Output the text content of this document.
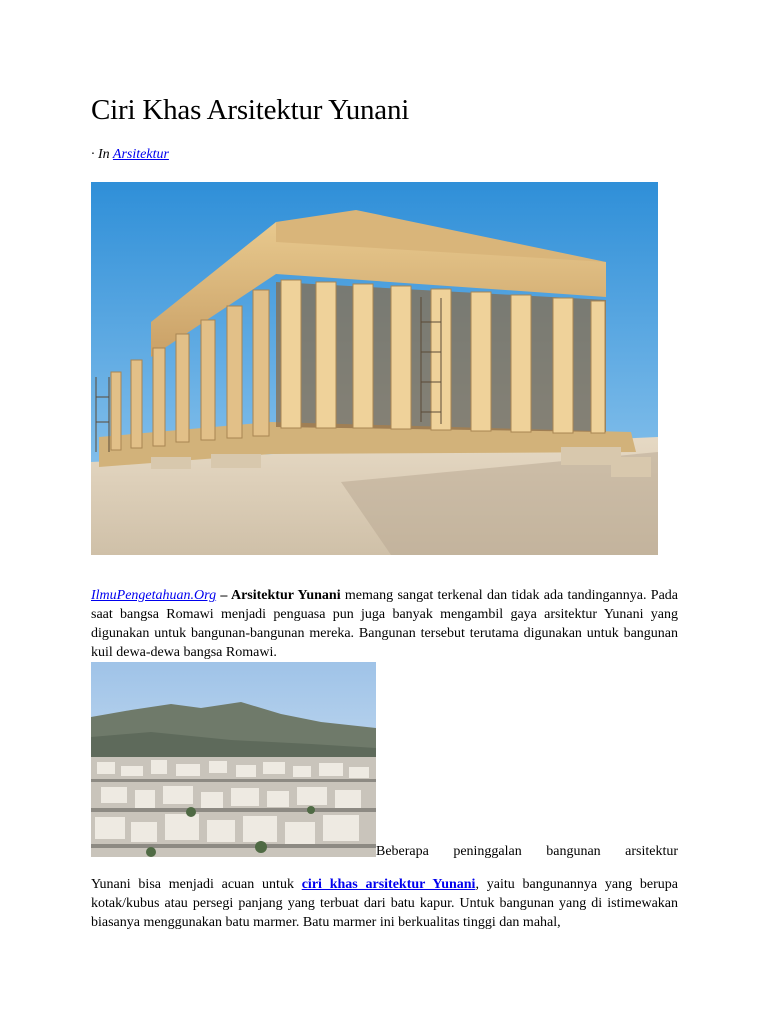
Ciri Khas Arsitektur Yunani
· In Arsitektur

IlmuPengetahuan.Org – Arsitektur Yunani memang sangat terkenal dan tidak ada tandingannya. Pada saat bangsa Romawi menjadi penguasa pun juga banyak mengambil gaya arsitektur Yunani yang digunakan untuk bangunan-bangunan mereka. Bangunan tersebut terutama digunakan untuk bangunan kuil dewa-dewa bangsa Romawi.

Beberapa peninggalan bangunan arsitektur

Yunani bisa menjadi acuan untuk ciri khas arsitektur Yunani, yaitu bangunannya yang berupa kotak/kubus atau persegi panjang yang terbuat dari batu kapur. Untuk bangunan yang di istimewakan biasanya menggunakan batu marmer. Batu marmer ini berkualitas tinggi dan mahal,
